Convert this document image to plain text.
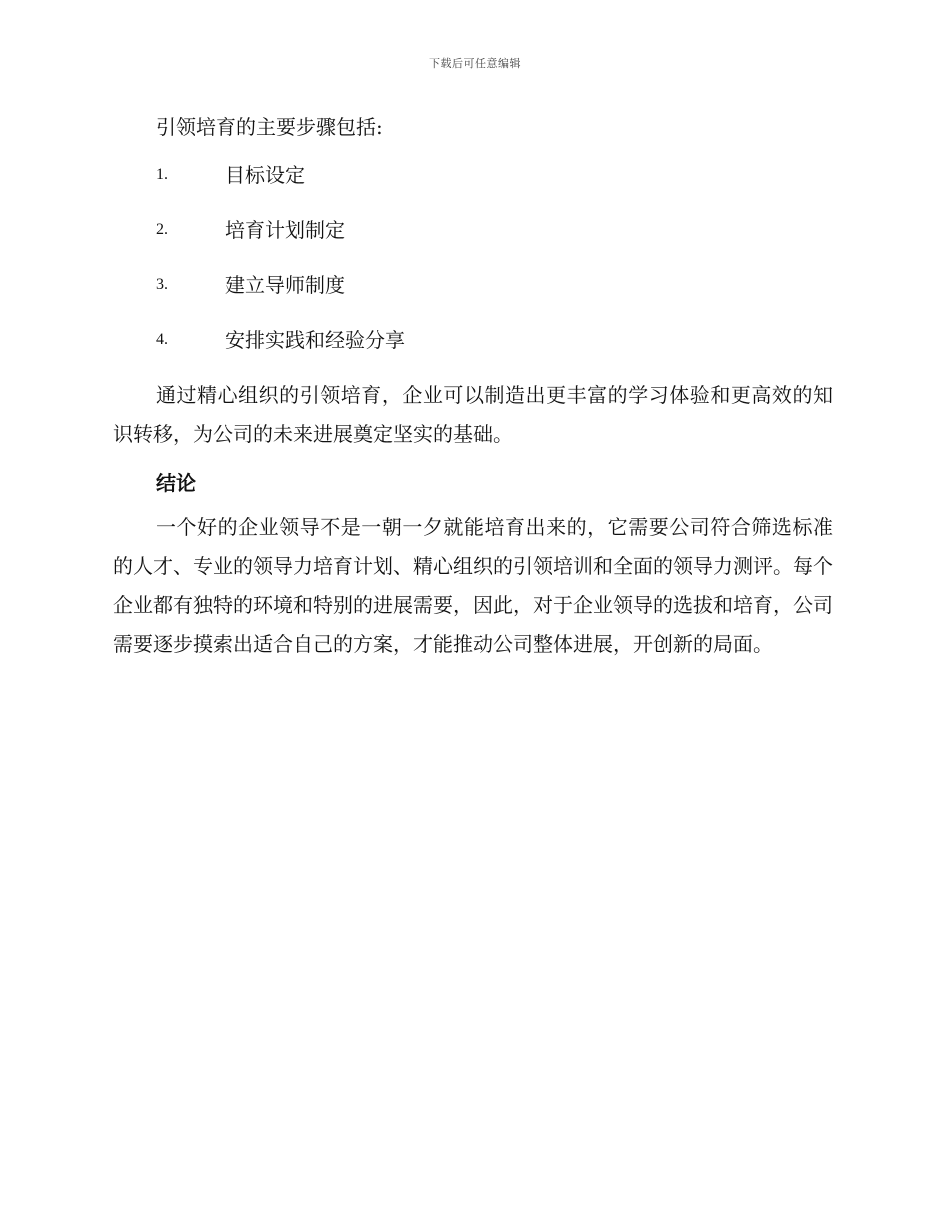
下载后可任意编辑

引领培育的主要步骤包括:

1.	目标设定
2.	培育计划制定
3.	建立导师制度
4.	安排实践和经验分享

通过精心组织的引领培育，企业可以制造出更丰富的学习体验和更高效的知识转移，为公司的未来进展奠定坚实的基础。

结论

一个好的企业领导不是一朝一夕就能培育出来的，它需要公司符合筛选标准的人才、专业的领导力培育计划、精心组织的引领培训和全面的领导力测评。每个企业都有独特的环境和特别的进展需要，因此，对于企业领导的选拔和培育，公司需要逐步摸索出适合自己的方案，才能推动公司整体进展，开创新的局面。
